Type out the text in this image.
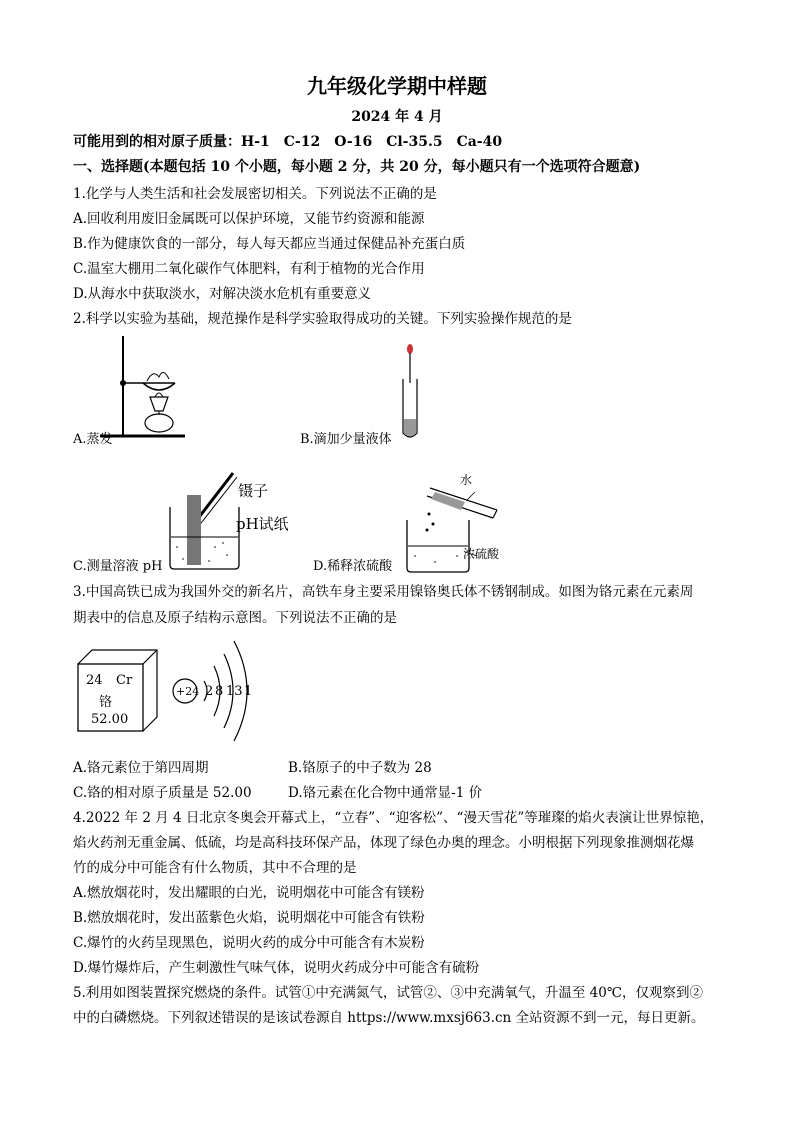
九年级化学期中样题
2024 年 4 月
可能用到的相对原子质量：H-1　C-12　O-16　Cl-35.5　Ca-40
一、选择题(本题包括 10 个小题，每小题 2 分，共 20 分，每小题只有一个选项符合题意)
1.化学与人类生活和社会发展密切相关。下列说法不正确的是
A.回收利用废旧金属既可以保护环境，又能节约资源和能源
B.作为健康饮食的一部分，每人每天都应当通过保健品补充蛋白质
C.温室大棚用二氧化碳作气体肥料，有利于植物的光合作用
D.从海水中获取淡水，对解决淡水危机有重要意义
2.科学以实验为基础，规范操作是科学实验取得成功的关键。下列实验操作规范的是
A.蒸发	B.滴加少量液体
镊子
pH试纸
C.测量溶液 pH
水
浓硫酸
D.稀释浓硫酸
3.中国高铁已成为我国外交的新名片，高铁车身主要采用镍铬奥氏体不锈钢制成。如图为铬元素在元素周
期表中的信息及原子结构示意图。下列说法不正确的是
24 Cr
铬
52.00
+24 2 8 13 1
A.铬元素位于第四周期	B.铬原子的中子数为 28
C.铬的相对原子质量是 52.00	D.铬元素在化合物中通常显-1 价
4.2022 年 2 月 4 日北京冬奥会开幕式上，“立春”、“迎客松”、“漫天雪花”等璀璨的焰火表演让世界惊艳，
焰火药剂无重金属、低硫，均是高科技环保产品，体现了绿色办奥的理念。小明根据下列现象推测烟花爆
竹的成分中可能含有什么物质，其中不合理的是
A.燃放烟花时，发出耀眼的白光，说明烟花中可能含有镁粉
B.燃放烟花时，发出蓝紫色火焰，说明烟花中可能含有铁粉
C.爆竹的火药呈现黑色，说明火药的成分中可能含有木炭粉
D.爆竹爆炸后，产生刺激性气味气体，说明火药成分中可能含有硫粉
5.利用如图装置探究燃烧的条件。试管①中充满氮气，试管②、③中充满氧气，升温至 40℃，仅观察到②
中的白磷燃烧。下列叙述错误的是该试卷源自 https://www.mxsj663.cn 全站资源不到一元，每日更新。
